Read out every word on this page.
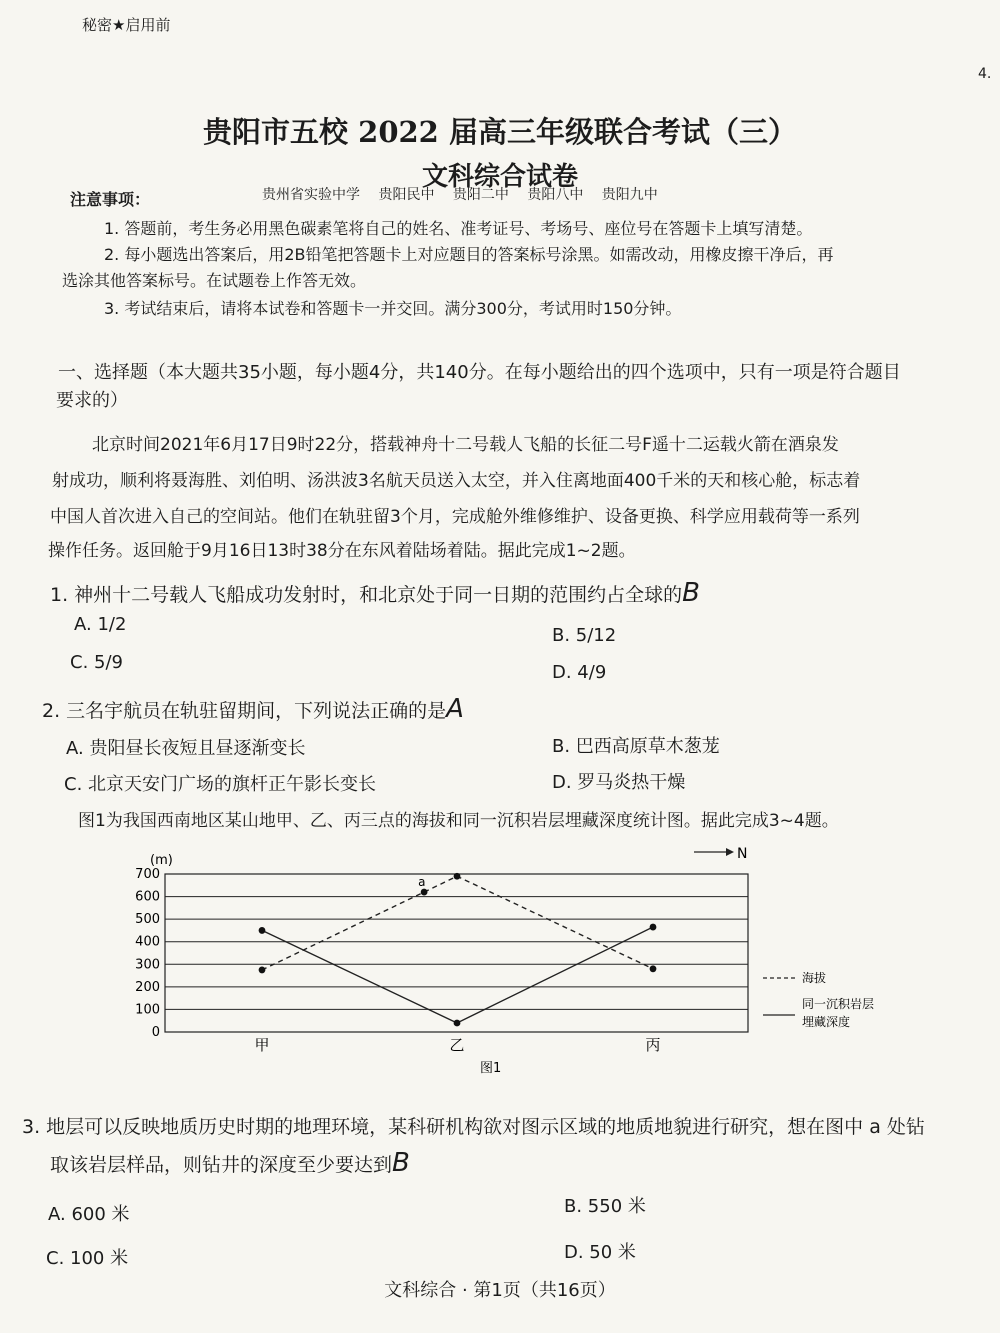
秘密★启用前
4.
贵阳市五校 2022 届高三年级联合考试（三）
文科综合试卷
贵州省实验中学 贵阳民中 贵阳二中 贵阳八中 贵阳九中
注意事项：
1. 答题前，考生务必用黑色碳素笔将自己的姓名、准考证号、考场号、座位号在答题卡上填写清楚。
2. 每小题选出答案后，用2B铅笔把答题卡上对应题目的答案标号涂黑。如需改动，用橡皮擦干净后，再
选涂其他答案标号。在试题卷上作答无效。
3. 考试结束后，请将本试卷和答题卡一并交回。满分300分，考试用时150分钟。
一、选择题（本大题共35小题，每小题4分，共140分。在每小题给出的四个选项中，只有一项是符合题目
要求的）
北京时间2021年6月17日9时22分，搭载神舟十二号载人飞船的长征二号F遥十二运载火箭在酒泉发
射成功，顺利将聂海胜、刘伯明、汤洪波3名航天员送入太空，并入住离地面400千米的天和核心舱，标志着
中国人首次进入自己的空间站。他们在轨驻留3个月，完成舱外维修维护、设备更换、科学应用载荷等一系列
操作任务。返回舱于9月16日13时38分在东风着陆场着陆。据此完成1~2题。
1. 神州十二号载人飞船成功发射时，和北京处于同一日期的范围约占全球的B
A. 1/2
B. 5/12
C. 5/9	D. 4/9
2. 三名宇航员在轨驻留期间，下列说法正确的是A
A. 贵阳昼长夜短且昼逐渐变长	B. 巴西高原草木葱茏
C. 北京天安门广场的旗杆正午影长变长	D. 罗马炎热干燥
图1为我国西南地区某山地甲、乙、丙三点的海拔和同一沉积岩层埋藏深度统计图。据此完成3~4题。
0
100
200
300
400
500
600
700
甲	乙	丙
a
(m)	N
海拔
同一沉积岩层
埋藏深度
图1
3. 地层可以反映地质历史时期的地理环境，某科研机构欲对图示区域的地质地貌进行研究，想在图中 a 处钻
取该岩层样品，则钻井的深度至少要达到B
A. 600 米	B. 550 米
C. 100 米	D. 50 米
文科综合 · 第1页（共16页）
